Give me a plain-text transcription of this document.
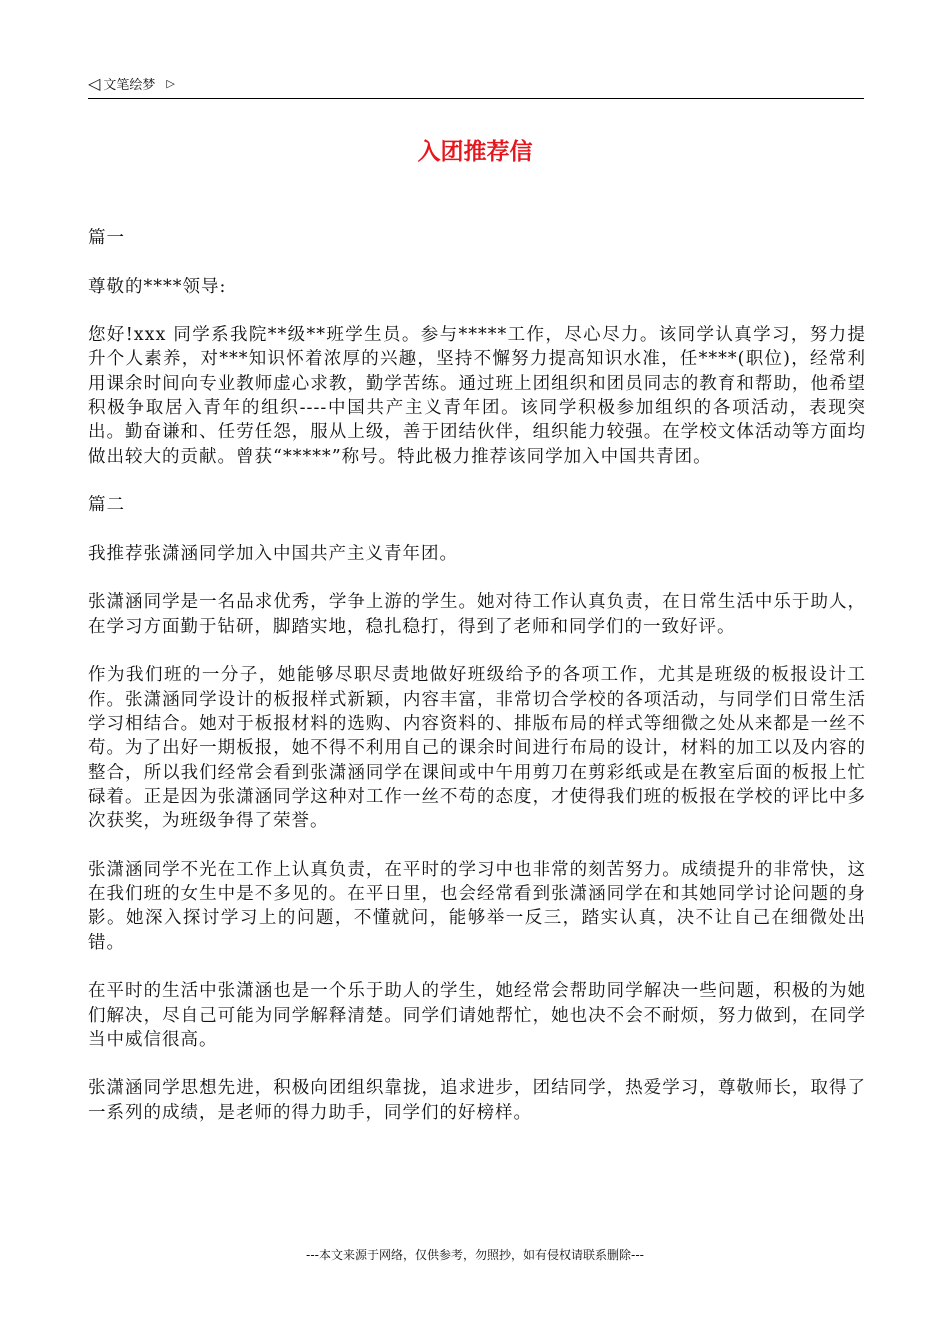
◁ 文笔绘梦 ▷
入团推荐信

篇一

尊敬的****领导:

您好!xxx 同学系我院**级**班学生员。参与*****工作，尽心尽力。该同学认真学习，努力提升个人素养，对***知识怀着浓厚的兴趣，坚持不懈努力提高知识水准，任****(职位)，经常利用课余时间向专业教师虚心求教，勤学苦练。通过班上团组织和团员同志的教育和帮助，他希望积极争取居入青年的组织----中国共产主义青年团。该同学积极参加组织的各项活动，表现突出。勤奋谦和、任劳任怨，服从上级，善于团结伙伴，组织能力较强。在学校文体活动等方面均做出较大的贡献。曾获“*****”称号。特此极力推荐该同学加入中国共青团。

篇二

我推荐张潇涵同学加入中国共产主义青年团。

张潇涵同学是一名品求优秀，学争上游的学生。她对待工作认真负责，在日常生活中乐于助人，在学习方面勤于钻研，脚踏实地，稳扎稳打，得到了老师和同学们的一致好评。

作为我们班的一分子，她能够尽职尽责地做好班级给予的各项工作，尤其是班级的板报设计工作。张潇涵同学设计的板报样式新颖，内容丰富，非常切合学校的各项活动，与同学们日常生活学习相结合。她对于板报材料的选购、内容资料的、排版布局的样式等细微之处从来都是一丝不苟。为了出好一期板报，她不得不利用自己的课余时间进行布局的设计，材料的加工以及内容的整合，所以我们经常会看到张潇涵同学在课间或中午用剪刀在剪彩纸或是在教室后面的板报上忙碌着。正是因为张潇涵同学这种对工作一丝不苟的态度，才使得我们班的板报在学校的评比中多次获奖，为班级争得了荣誉。

张潇涵同学不光在工作上认真负责，在平时的学习中也非常的刻苦努力。成绩提升的非常快，这在我们班的女生中是不多见的。在平日里，也会经常看到张潇涵同学在和其她同学讨论问题的身影。她深入探讨学习上的问题，不懂就问，能够举一反三，踏实认真，决不让自己在细微处出错。

在平时的生活中张潇涵也是一个乐于助人的学生，她经常会帮助同学解决一些问题，积极的为她们解决，尽自己可能为同学解释清楚。同学们请她帮忙，她也决不会不耐烦，努力做到，在同学当中威信很高。

张潇涵同学思想先进，积极向团组织靠拢，追求进步，团结同学，热爱学习，尊敬师长，取得了一系列的成绩，是老师的得力助手，同学们的好榜样。

---本文来源于网络，仅供参考，勿照抄，如有侵权请联系删除---
